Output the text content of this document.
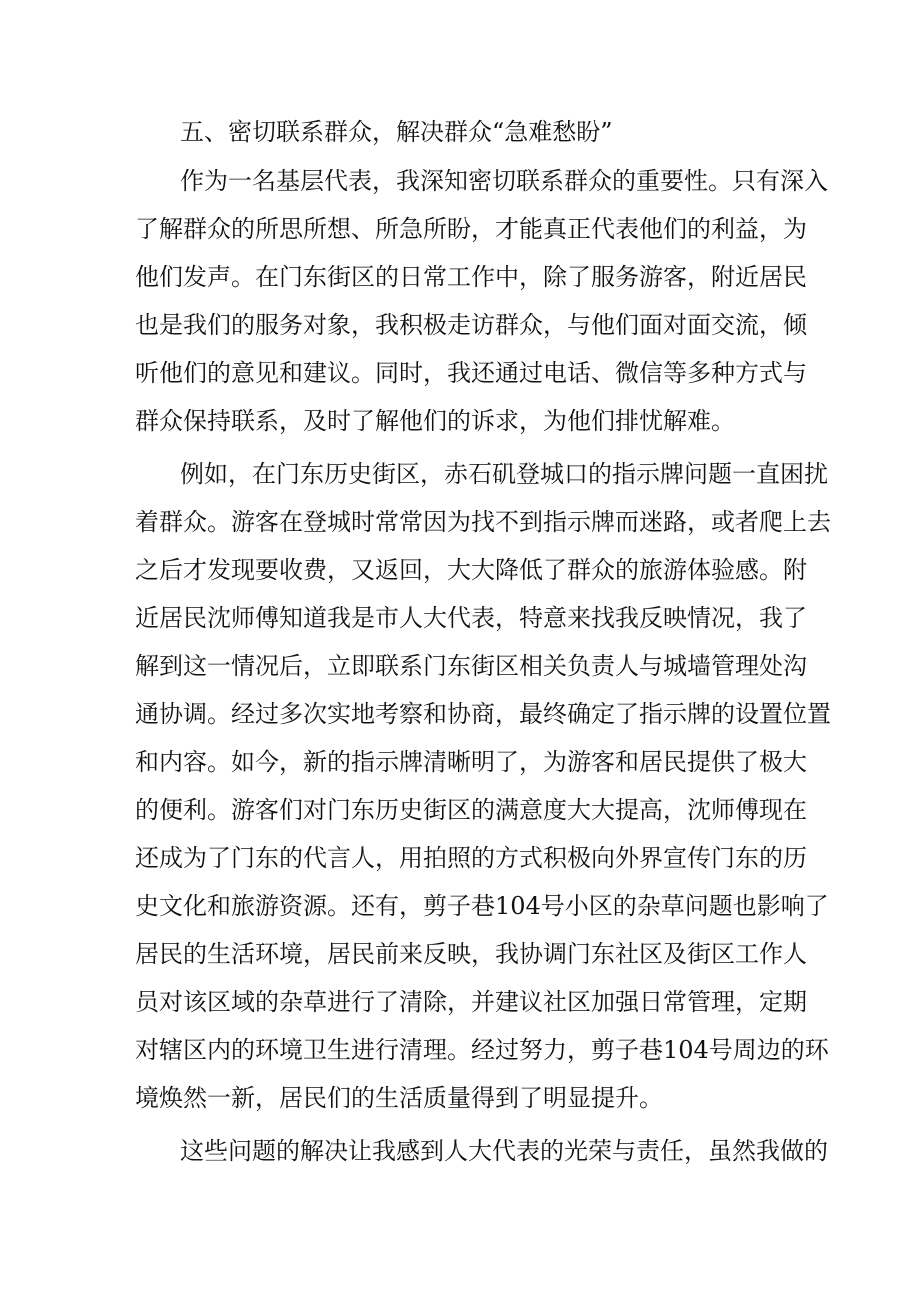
五、密切联系群众，解决群众“急难愁盼”
作为一名基层代表，我深知密切联系群众的重要性。只有深入
了解群众的所思所想、所急所盼，才能真正代表他们的利益，为
他们发声。在门东街区的日常工作中，除了服务游客，附近居民
也是我们的服务对象，我积极走访群众，与他们面对面交流，倾
听他们的意见和建议。同时，我还通过电话、微信等多种方式与
群众保持联系，及时了解他们的诉求，为他们排忧解难。
例如，在门东历史街区，赤石矶登城口的指示牌问题一直困扰
着群众。游客在登城时常常因为找不到指示牌而迷路，或者爬上去
之后才发现要收费，又返回，大大降低了群众的旅游体验感。附
近居民沈师傅知道我是市人大代表，特意来找我反映情况，我了
解到这一情况后，立即联系门东街区相关负责人与城墙管理处沟
通协调。经过多次实地考察和协商，最终确定了指示牌的设置位置
和内容。如今，新的指示牌清晰明了，为游客和居民提供了极大
的便利。游客们对门东历史街区的满意度大大提高，沈师傅现在
还成为了门东的代言人，用拍照的方式积极向外界宣传门东的历
史文化和旅游资源。还有，剪子巷104号小区的杂草问题也影响了
居民的生活环境，居民前来反映，我协调门东社区及街区工作人
员对该区域的杂草进行了清除，并建议社区加强日常管理，定期
对辖区内的环境卫生进行清理。经过努力，剪子巷104号周边的环
境焕然一新，居民们的生活质量得到了明显提升。
这些问题的解决让我感到人大代表的光荣与责任，虽然我做的
